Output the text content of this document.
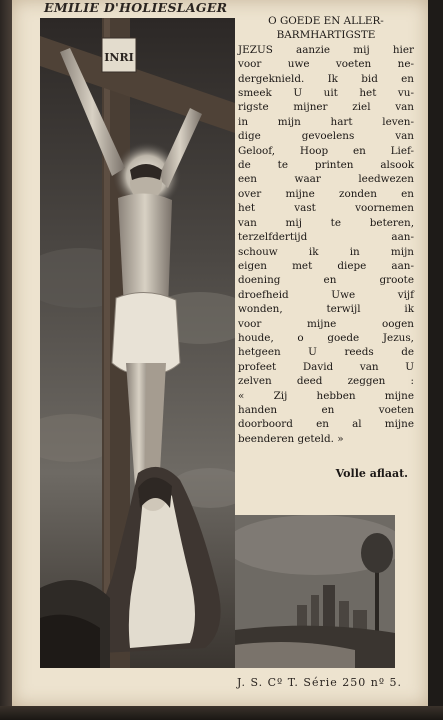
EMILIE D'HOLIESLAGER
INRI
O GOEDE EN ALLER-
BARMHARTIGSTE
JEZUS aanzie mij hier
voor uwe voeten ne-
dergeknield. Ik bid en
smeek U uit het vu-
rigste mijner ziel van
in mijn hart leven-
dige gevoelens van
Geloof, Hoop en Lief-
de te printen alsook
een waar leedwezen
over mijne zonden en
het vast voornemen
van mij te beteren,
terzelfdertijd aan-
schouw ik in mijn
eigen met diepe aan-
doening en groote
droefheid Uwe vijf
wonden, terwijl ik
voor mijne oogen
houde, o goede Jezus,
hetgeen U reeds de
profeet David van U
zelven deed zeggen :
« Zij hebben mijne
handen en voeten
doorboord en al mijne
beenderen geteld. »
Volle aflaat.
J. S. Cº T. Série 250 nº 5.
